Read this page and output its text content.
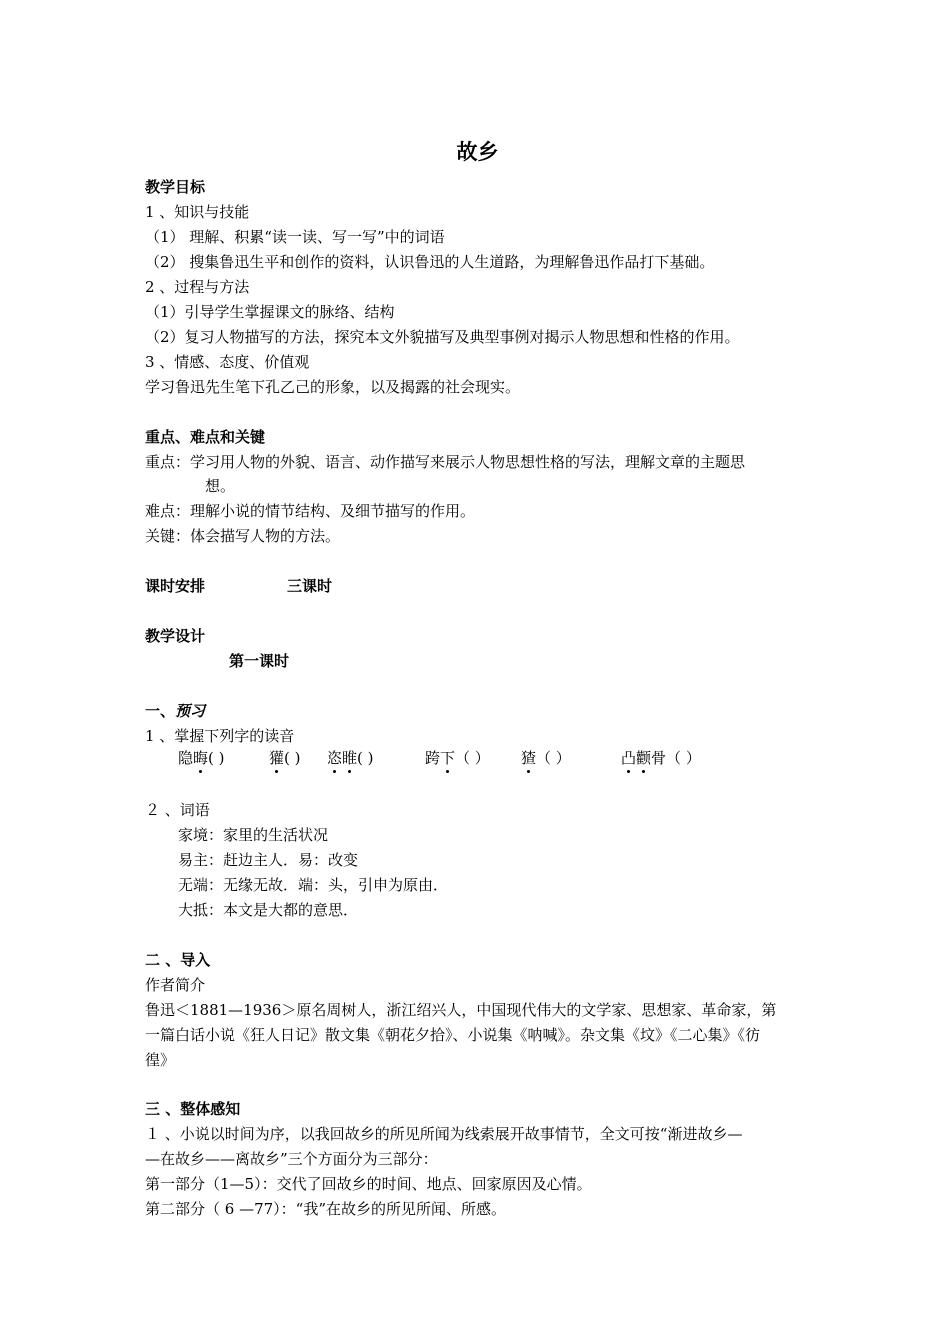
故乡
教学目标
1 、知识与技能
（1） 理解、积累“读一读、写一写”中的词语
（2） 搜集鲁迅生平和创作的资料，认识鲁迅的人生道路，为理解鲁迅作品打下基础。
2 、过程与方法
（1）引导学生掌握课文的脉络、结构
（2）复习人物描写的方法，探究本文外貌描写及典型事例对揭示人物思想和性格的作用。
3 、情感、态度、价值观
学习鲁迅先生笔下孔乙己的形象，以及揭露的社会现实。
重点、难点和关键
重点：学习用人物的外貌、语言、动作描写来展示人物思想性格的写法，理解文章的主题思
想。
难点：理解小说的情节结构、及细节描写的作用。
关键：体会描写人物的方法。
课时安排	三课时
教学设计
第一课时
一、预习
1 、掌握下列字的读音
隐晦( )	獾( ) 恣睢( )	跨下（ ） 猹（ ）	凸颧骨（ ）
２ 、词语
家境：家里的生活状况
易主：赶边主人．易：改变
无端：无缘无故．端：头，引申为原由．
大抵：本文是大都的意思．
二 、导入
作者简介
鲁迅＜1881—1936＞原名周树人，浙江绍兴人，中国现代伟大的文学家、思想家、革命家，第
一篇白话小说《狂人日记》散文集《朝花夕拾》、小说集《呐喊》。杂文集《坟》《二心集》《彷
徨》
三 、整体感知
１ 、小说以时间为序，以我回故乡的所见所闻为线索展开故事情节，全文可按“渐进故乡—
—在故乡——离故乡”三个方面分为三部分：
第一部分（1—5）：交代了回故乡的时间、地点、回家原因及心情。
第二部分（ 6 —77）：“我”在故乡的所见所闻、所感。
